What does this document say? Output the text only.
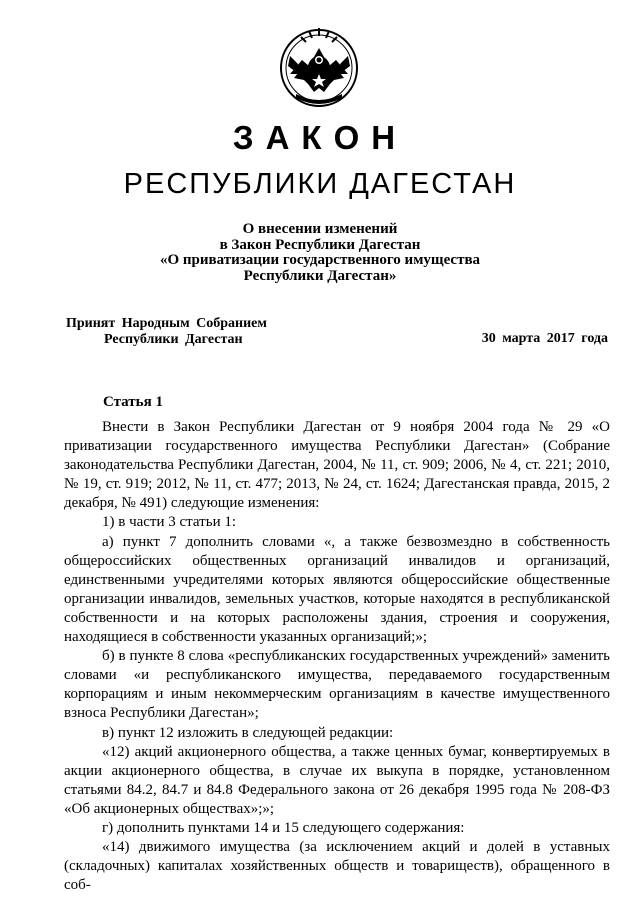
ЗАКОН
РЕСПУБЛИКИ ДАГЕСТАН
О внесении изменений
в Закон Республики Дагестан
«О приватизации государственного имущества
Республики Дагестан»
Принят Народным Собранием
Республики Дагестан	30 марта 2017 года
Статья 1

Внести в Закон Республики Дагестан от 9 ноября 2004 года № 29 «О приватизации государственного имущества Республики Дагестан» (Собрание законодательства Республики Дагестан, 2004, № 11, ст. 909; 2006, № 4, ст. 221; 2010, № 19, ст. 919; 2012, № 11, ст. 477; 2013, № 24, ст. 1624; Дагестанская правда, 2015, 2 декабря, № 491) следующие изменения:

1) в части 3 статьи 1:

а) пункт 7 дополнить словами «, а также безвозмездно в собственность общероссийских общественных организаций инвалидов и организаций, единственными учредителями которых являются общероссийские общественные организации инвалидов, земельных участков, которые находятся в республиканской собственности и на которых расположены здания, строения и сооружения, находящиеся в собственности указанных организаций;»;

б) в пункте 8 слова «республиканских государственных учреждений» заменить словами «и республиканского имущества, передаваемого государственным корпорациям и иным некоммерческим организациям в качестве имущественного взноса Республики Дагестан»;

в) пункт 12 изложить в следующей редакции:

«12) акций акционерного общества, а также ценных бумаг, конвертируемых в акции акционерного общества, в случае их выкупа в порядке, установленном статьями 84.2, 84.7 и 84.8 Федерального закона от 26 декабря 1995 года № 208-ФЗ «Об акционерных обществах»;»;

г) дополнить пунктами 14 и 15 следующего содержания:

«14) движимого имущества (за исключением акций и долей в уставных (складочных) капиталах хозяйственных обществ и товариществ), обращенного в соб-
